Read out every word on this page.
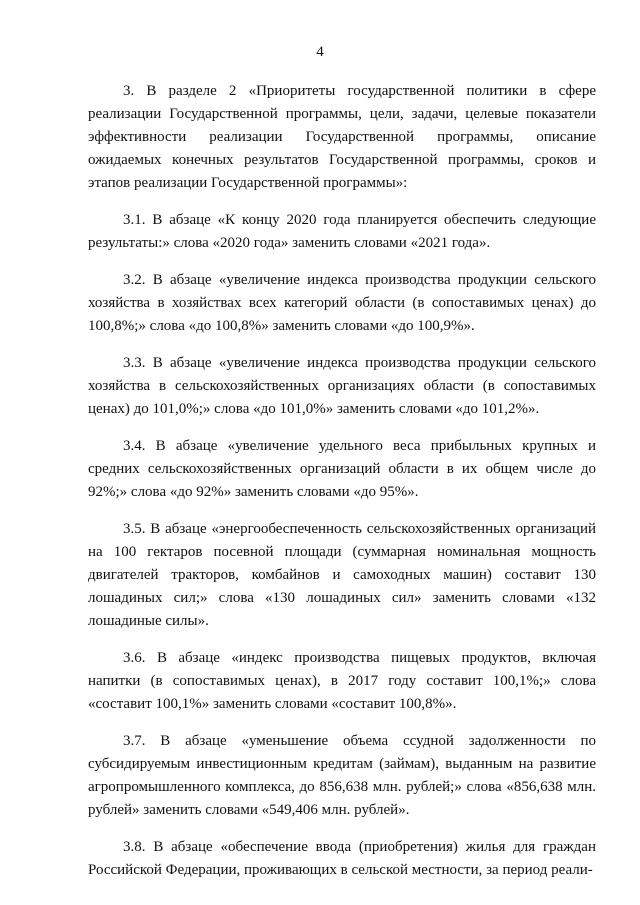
4

3. В разделе 2 «Приоритеты государственной политики в сфере реализации Государственной программы, цели, задачи, целевые показатели эффективности реализации Государственной программы, описание ожидаемых конечных результатов Государственной программы, сроков и этапов реализации Государственной программы»:

3.1. В абзаце «К концу 2020 года планируется обеспечить следующие результаты:» слова «2020 года» заменить словами «2021 года».

3.2. В абзаце «увеличение индекса производства продукции сельского хозяйства в хозяйствах всех категорий области (в сопоставимых ценах) до 100,8%;» слова «до 100,8%» заменить словами «до 100,9%».

3.3. В абзаце «увеличение индекса производства продукции сельского хозяйства в сельскохозяйственных организациях области (в сопоставимых ценах) до 101,0%;» слова «до 101,0%» заменить словами «до 101,2%».

3.4. В абзаце «увеличение удельного веса прибыльных крупных и средних сельскохозяйственных организаций области в их общем числе до 92%;» слова «до 92%» заменить словами «до 95%».

3.5. В абзаце «энергообеспеченность сельскохозяйственных организаций на 100 гектаров посевной площади (суммарная номинальная мощность двигателей тракторов, комбайнов и самоходных машин) составит 130 лошадиных сил;» слова «130 лошадиных сил» заменить словами «132 лошадиные силы».

3.6. В абзаце «индекс производства пищевых продуктов, включая напитки (в сопоставимых ценах), в 2017 году составит 100,1%;» слова «составит 100,1%» заменить словами «составит 100,8%».

3.7. В абзаце «уменьшение объема ссудной задолженности по субсидируемым инвестиционным кредитам (займам), выданным на развитие агропромышленного комплекса, до 856,638 млн. рублей;» слова «856,638 млн. рублей» заменить словами «549,406 млн. рублей».

3.8. В абзаце «обеспечение ввода (приобретения) жилья для граждан Российской Федерации, проживающих в сельской местности, за период реали-
